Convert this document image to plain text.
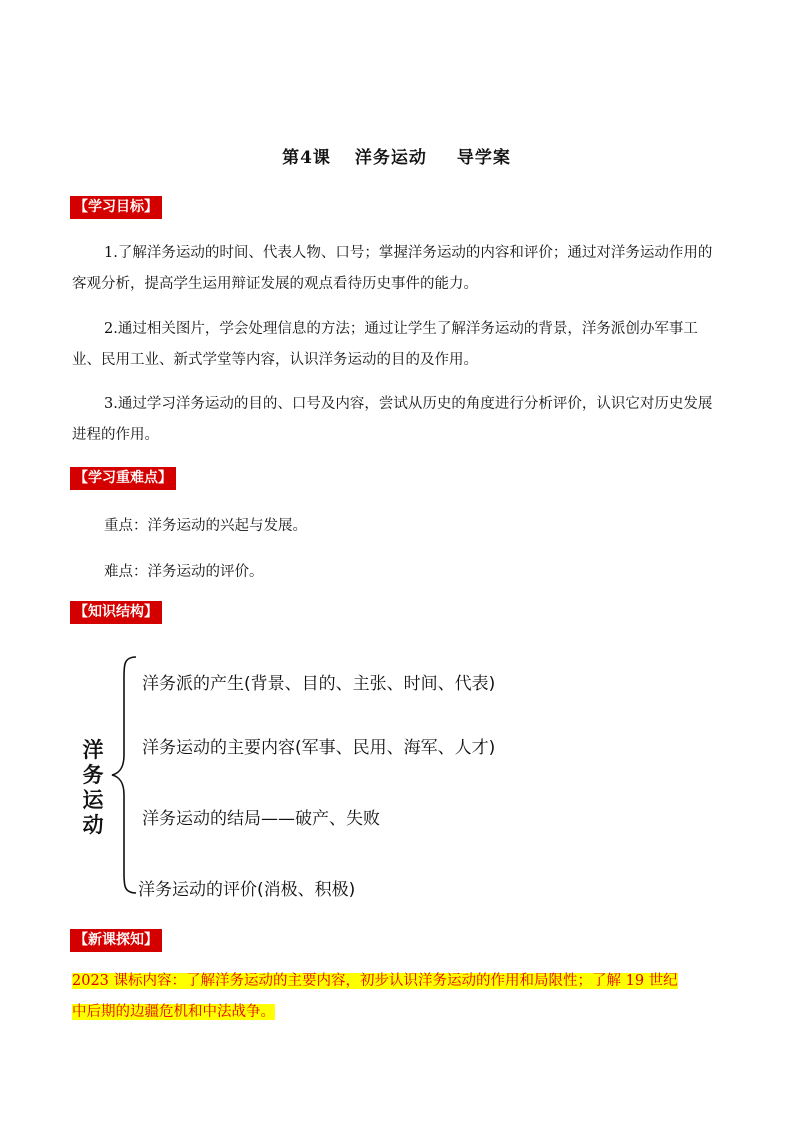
第4课 洋务运动 导学案
【学习目标】
1.了解洋务运动的时间、代表人物、口号；掌握洋务运动的内容和评价；通过对洋务运动作用的客观分析，提高学生运用辩证发展的观点看待历史事件的能力。
2.通过相关图片，学会处理信息的方法；通过让学生了解洋务运动的背景，洋务派创办军事工业、民用工业、新式学堂等内容，认识洋务运动的目的及作用。
3.通过学习洋务运动的目的、口号及内容，尝试从历史的角度进行分析评价，认识它对历史发展进程的作用。
【学习重难点】
重点：洋务运动的兴起与发展。
难点：洋务运动的评价。
【知识结构】
洋务运动
洋务派的产生(背景、目的、主张、时间、代表)
洋务运动的主要内容(军事、民用、海军、人才)
洋务运动的结局——破产、失败
洋务运动的评价(消极、积极)
【新课探知】
2023 课标内容：了解洋务运动的主要内容，初步认识洋务运动的作用和局限性；了解 19 世纪
中后期的边疆危机和中法战争。
